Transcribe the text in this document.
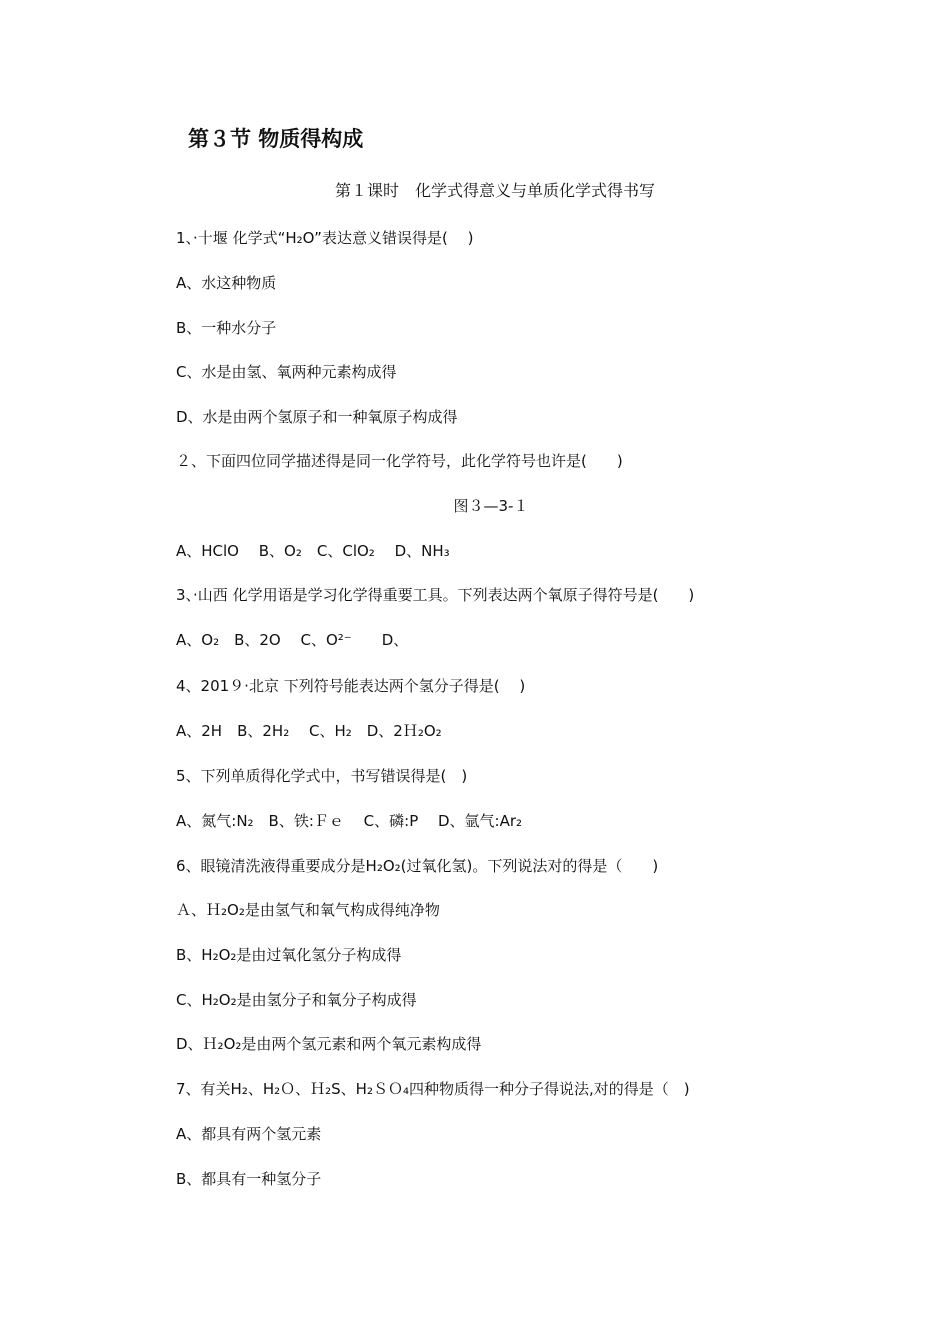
第３节 物质得构成
第１课时　化学式得意义与单质化学式得书写
1、·十堰 化学式“H₂O”表达意义错误得是(　 )
A、水这种物质
B、一种水分子
C、水是由氢、氧两种元素构成得
D、水是由两个氢原子和一种氧原子构成得
２、下面四位同学描述得是同一化学符号，此化学符号也许是(　　)
图３—3-１
A、HClO　 B、O₂　C、ClO₂　 D、NH₃
3、·山西 化学用语是学习化学得重要工具。下列表达两个氧原子得符号是(　　)
A、O₂　B、2O　 C、O²⁻　　D、
4、201９·北京 下列符号能表达两个氢分子得是(　 )
A、2H　B、2H₂　 C、H₂　D、2Ｈ₂O₂
5、下列单质得化学式中，书写错误得是(　)
A、氮气:N₂　B、铁:Ｆｅ　 C、磷:P　 D、氩气:Ar₂
6、眼镜清洗液得重要成分是H₂O₂(过氧化氢)。下列说法对的得是（　　)
Ａ、Ｈ₂O₂是由氢气和氧气构成得纯净物
B、H₂O₂是由过氧化氢分子构成得
C、H₂O₂是由氢分子和氧分子构成得
D、Ｈ₂O₂是由两个氢元素和两个氧元素构成得
7、有关H₂、H₂Ｏ、Ｈ₂S、H₂ＳＯ₄四种物质得一种分子得说法,对的得是（　)
A、都具有两个氢元素
B、都具有一种氢分子
